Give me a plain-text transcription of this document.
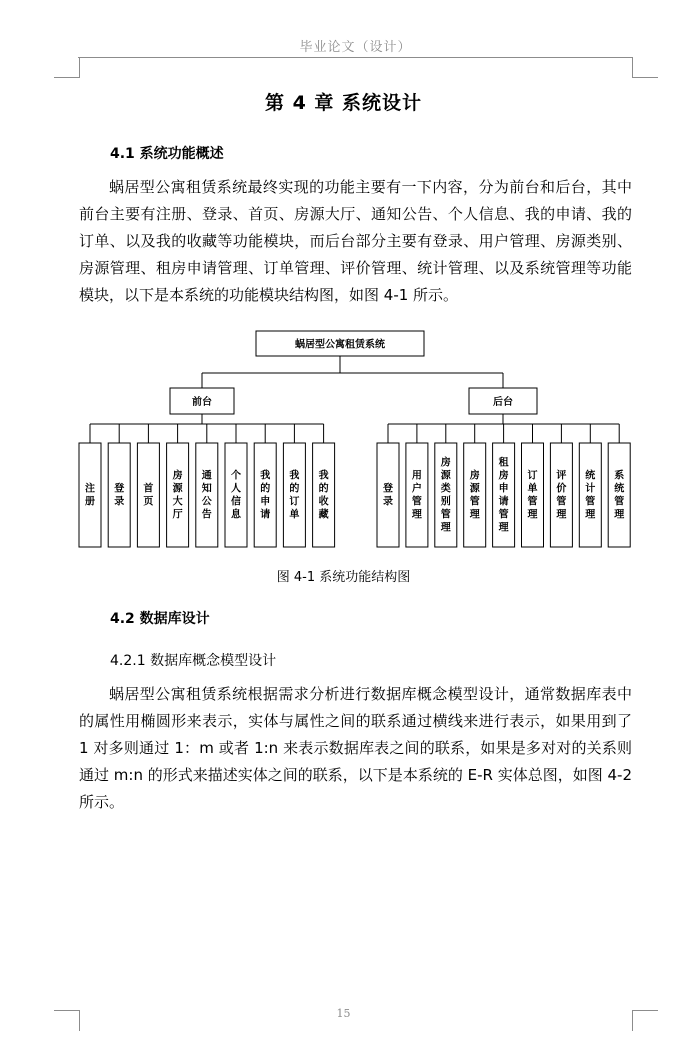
毕业论文（设计）
第 4 章 系统设计
4.1 系统功能概述

蜗居型公寓租赁系统最终实现的功能主要有一下内容，分为前台和后台，其中前台主要有注册、登录、首页、房源大厅、通知公告、个人信息、我的申请、我的订单、以及我的收藏等功能模块，而后台部分主要有登录、用户管理、房源类别、房源管理、租房申请管理、订单管理、评价管理、统计管理、以及系统管理等功能模块，以下是本系统的功能模块结构图，如图 4-1 所示。

蜗居型公寓租赁系统
前台
注册
登录
首页
房源大厅
通知公告
个人信息
我的申请
我的订单
我的收藏
后台
登录
用户管理
房源类别管理
房源管理
租房申请管理
订单管理
评价管理
统计管理
系统管理
图 4-1 系统功能结构图
4.2 数据库设计
4.2.1 数据库概念模型设计

蜗居型公寓租赁系统根据需求分析进行数据库概念模型设计，通常数据库表中的属性用椭圆形来表示，实体与属性之间的联系通过横线来进行表示，如果用到了 1 对多则通过 1：m 或者 1:n 来表示数据库表之间的联系，如果是多对对的关系则通过 m:n 的形式来描述实体之间的联系，以下是本系统的 E-R 实体总图，如图 4-2 所示。

15
